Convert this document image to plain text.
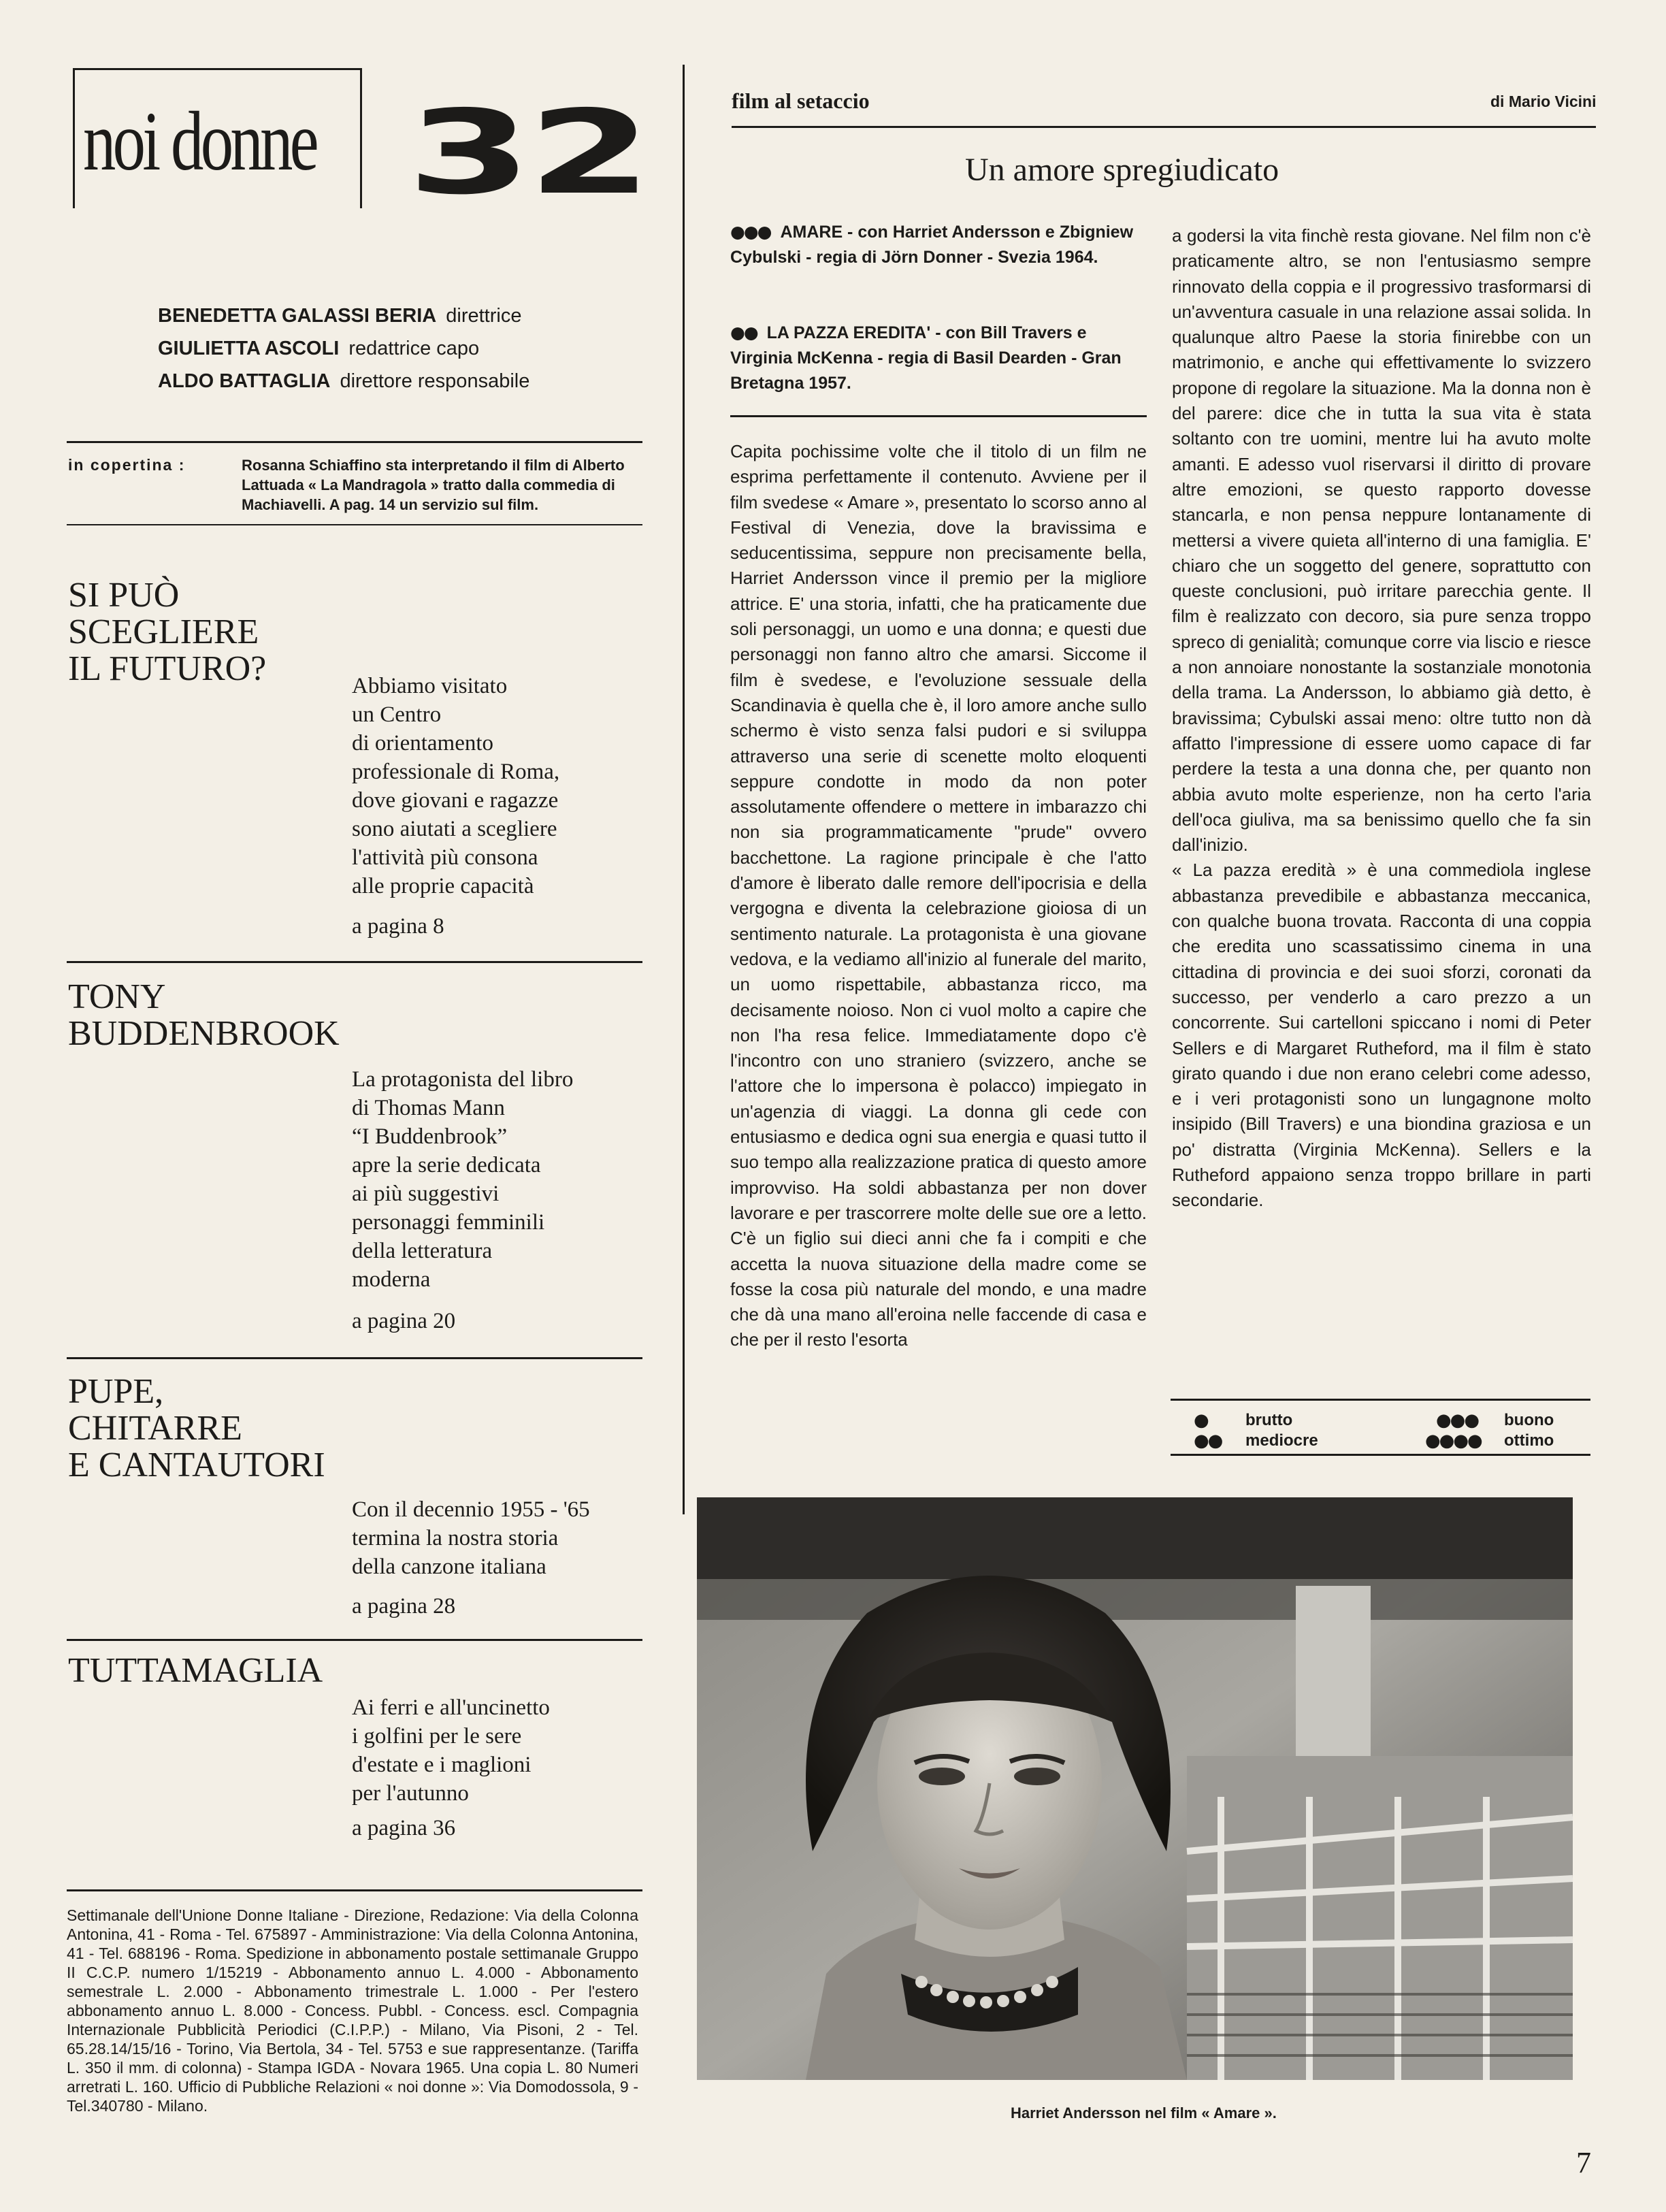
noi donne 32
BENEDETTA GALASSI BERIA direttrice
GIULIETTA ASCOLI redattrice capo
ALDO BATTAGLIA direttore responsabile
in copertina :	Rosanna Schiaffino sta interpretando il film di Alberto Lattuada « La Mandragola » tratto dalla commedia di Machiavelli. A pag. 14 un servizio sul film.
SI PUÒ
SCEGLIERE
IL FUTURO?	Abbiamo visitato
un Centro
di orientamento
professionale di Roma,
dove giovani e ragazze
sono aiutati a scegliere
l'attività più consona
alle proprie capacità
a pagina 8
TONY
BUDDENBROOK
La protagonista del libro
di Thomas Mann
“I Buddenbrook”
apre la serie dedicata
ai più suggestivi
personaggi femminili
della letteratura
moderna
a pagina 20
PUPE,
CHITARRE
E CANTAUTORI
Con il decennio 1955 - '65
termina la nostra storia
della canzone italiana
a pagina 28
TUTTAMAGLIA
Ai ferri e all'uncinetto
i golfini per le sere
d'estate e i maglioni
per l'autunno
a pagina 36
Settimanale dell'Unione Donne Italiane - Direzione, Redazione: Via della Colonna Antonina, 41 - Roma - Tel. 675897 - Amministrazione: Via della Colonna Antonina, 41 - Tel. 688196 - Roma. Spedizione in abbonamento postale settimanale Gruppo II C.C.P. numero 1/15219 - Abbonamento annuo L. 4.000 - Abbonamento semestrale L. 2.000 - Abbonamento trimestrale L. 1.000 - Per l'estero abbonamento annuo L. 8.000 - Concess. Pubbl. - Concess. escl. Compagnia Internazionale Pubblicità Periodici (C.I.P.P.) - Milano, Via Pisoni, 2 - Tel. 65.28.14/15/16 - Torino, Via Bertola, 34 - Tel. 5753 e sue rappresentanze. (Tariffa L. 350 il mm. di colonna) - Stampa IGDA - Novara 1965. Una copia L. 80 Numeri arretrati L. 160. Ufficio di Pubbliche Relazioni « noi donne »: Via Domodossola, 9 - Tel.340780 - Milano.
film al setaccio	di Mario Vicini
Un amore spregiudicato
●●● AMARE - con Harriet Andersson e Zbigniew Cybulski - regia di Jörn Donner - Svezia 1964.
●● LA PAZZA EREDITA' - con Bill Travers e Virginia McKenna - regia di Basil Dearden - Gran Bretagna 1957.

Capita pochissime volte che il titolo di un film ne esprima perfettamente il contenuto. Avviene per il film svedese « Amare », presentato lo scorso anno al Festival di Venezia, dove la bravissima e seducentissima, seppure non precisamente bella, Harriet Andersson vince il premio per la migliore attrice. E' una storia, infatti, che ha praticamente due soli personaggi, un uomo e una donna; e questi due personaggi non fanno altro che amarsi. Siccome il film è svedese, e l'evoluzione sessuale della Scandinavia è quella che è, il loro amore anche sullo schermo è visto senza falsi pudori e si sviluppa attraverso una serie di scenette molto eloquenti seppure condotte in modo da non poter assolutamente offendere o mettere in imbarazzo chi non sia programmaticamente "prude" ovvero bacchettone. La ragione principale è che l'atto d'amore è liberato dalle remore dell'ipocrisia e della vergogna e diventa la celebrazione gioiosa di un sentimento naturale. La protagonista è una giovane vedova, e la vediamo all'inizio al funerale del marito, un uomo rispettabile, abbastanza ricco, ma decisamente noioso. Non ci vuol molto a capire che non l'ha resa felice. Immediatamente dopo c'è l'incontro con uno straniero (svizzero, anche se l'attore che lo impersona è polacco) impiegato in un'agenzia di viaggi. La donna gli cede con entusiasmo e dedica ogni sua energia e quasi tutto il suo tempo alla realizzazione pratica di questo amore improvviso. Ha soldi abbastanza per non dover lavorare e per trascorrere molte delle sue ore a letto. C'è un figlio sui dieci anni che fa i compiti e che accetta la nuova situazione della madre come se fosse la cosa più naturale del mondo, e una madre che dà una mano all'eroina nelle faccende di casa e che per il resto l'esorta

a godersi la vita finchè resta giovane. Nel film non c'è praticamente altro, se non l'entusiasmo sempre rinnovato della coppia e il progressivo trasformarsi di un'avventura casuale in una relazione assai solida. In qualunque altro Paese la storia finirebbe con un matrimonio, e anche qui effettivamente lo svizzero propone di regolare la situazione. Ma la donna non è del parere: dice che in tutta la sua vita è stata soltanto con tre uomini, mentre lui ha avuto molte amanti. E adesso vuol riservarsi il diritto di provare altre emozioni, se questo rapporto dovesse stancarla, e non pensa neppure lontanamente di mettersi a vivere quieta all'interno di una famiglia. E' chiaro che un soggetto del genere, soprattutto con queste conclusioni, può irritare parecchia gente. Il film è realizzato con decoro, sia pure senza troppo spreco di genialità; comunque corre via liscio e riesce a non annoiare nonostante la sostanziale monotonia della trama. La Andersson, lo abbiamo già detto, è bravissima; Cybulski assai meno: oltre tutto non dà affatto l'impressione di essere uomo capace di far perdere la testa a una donna che, per quanto non abbia avuto molte esperienze, non ha certo l'aria dell'oca giuliva, ma sa benissimo quello che fa sin dall'inizio.

« La pazza eredità » è una commediola inglese abbastanza prevedibile e abbastanza meccanica, con qualche buona trovata. Racconta di una coppia che eredita uno scassatissimo cinema in una cittadina di provincia e dei suoi sforzi, coronati da successo, per venderlo a caro prezzo a un concorrente. Sui cartelloni spiccano i nomi di Peter Sellers e di Margaret Rutheford, ma il film è stato girato quando i due non erano celebri come adesso, e i veri protagonisti sono un lungagnone molto insipido (Bill Travers) e una biondina graziosa e un po' distratta (Virginia McKenna). Sellers e la Rutheford appaiono senza troppo brillare in parti secondarie.

● brutto
●● mediocre
●●● buono
●●●● ottimo
Harriet Andersson nel film « Amare ».
7
